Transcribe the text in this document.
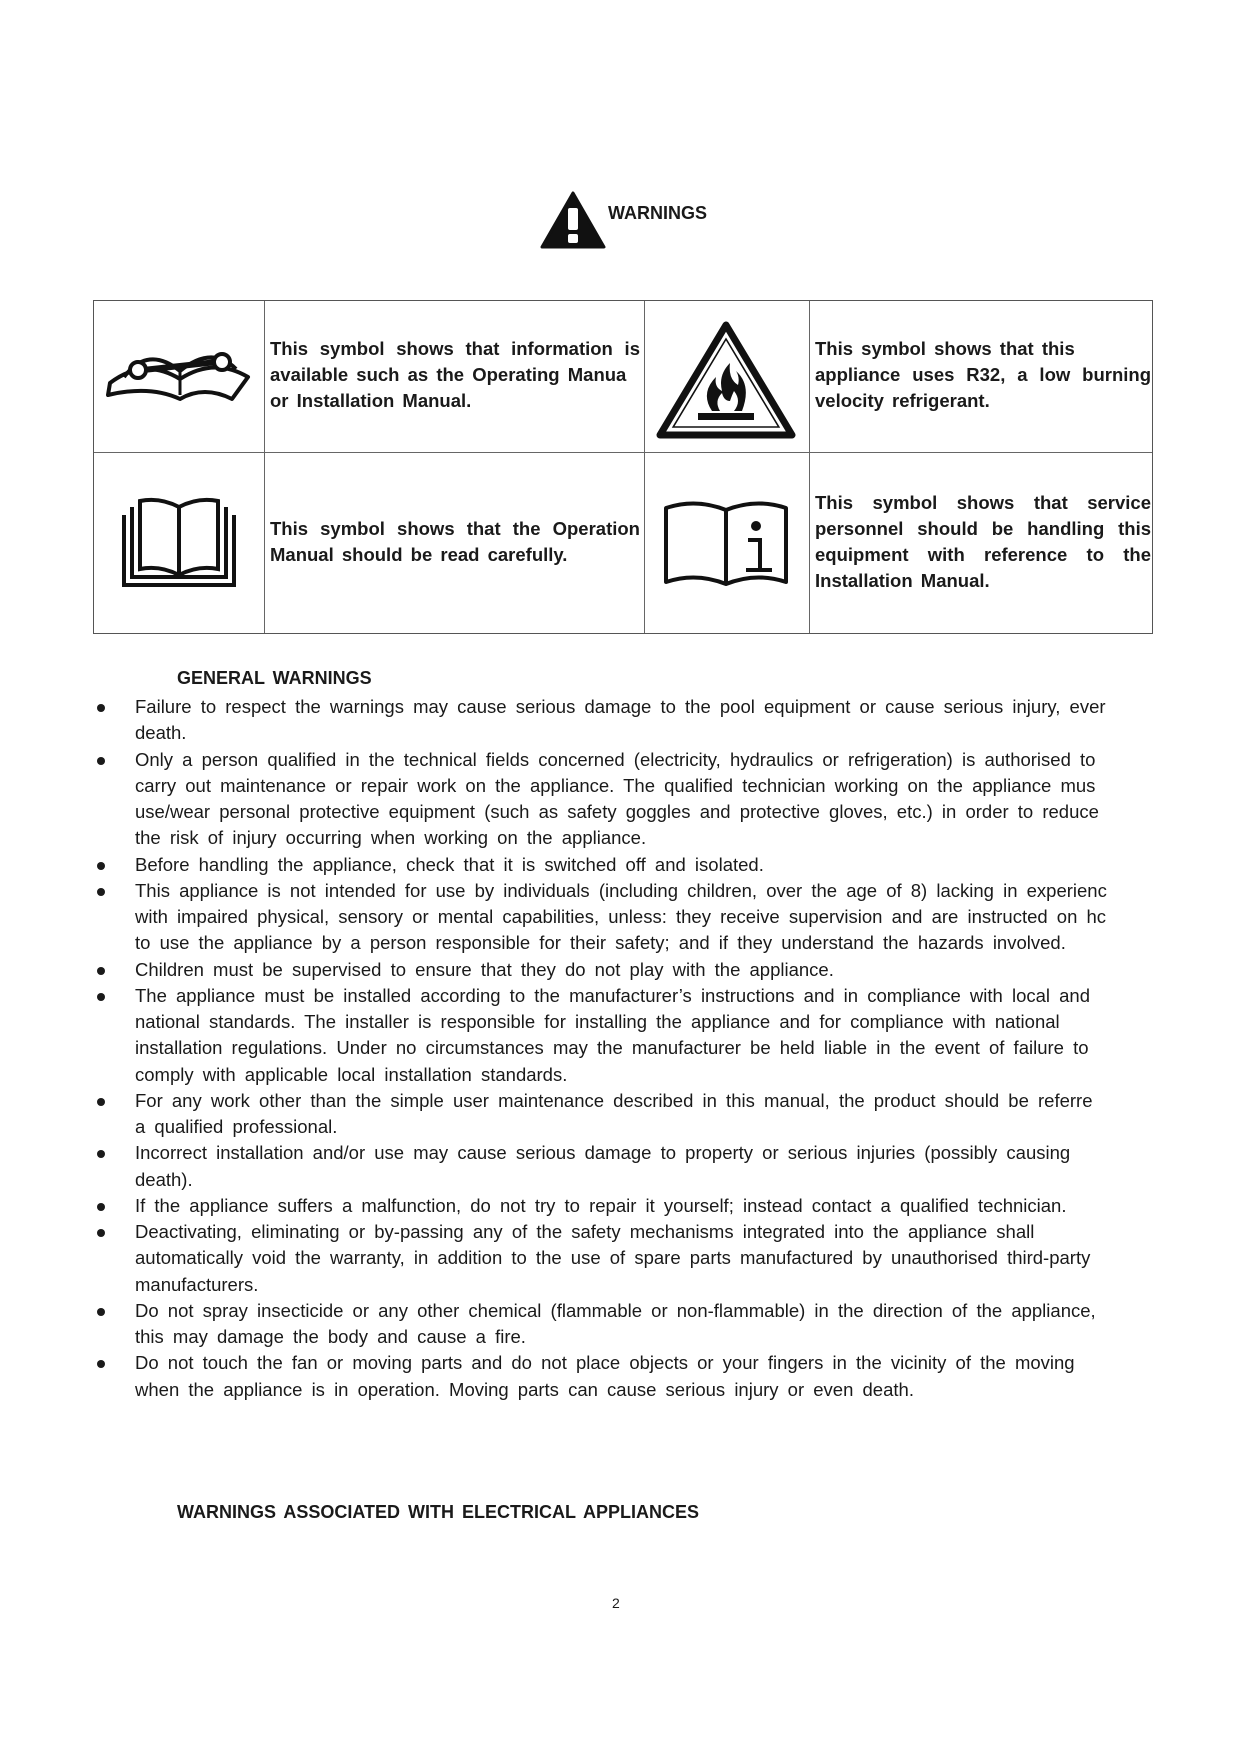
WARNINGS
This symbol shows that information is
available such as the Operating Manua
or Installation Manual.
This symbol shows that this
appliance uses R32, a low burning
velocity refrigerant.
This symbol shows that the Operation
Manual should be read carefully.
This symbol shows that service
personnel should be handling this
equipment with reference to the
Installation Manual.
GENERAL WARNINGS
Failure to respect the warnings may cause serious damage to the pool equipment or cause serious injury, ever
death.
Only a person qualified in the technical fields concerned (electricity, hydraulics or refrigeration) is authorised to
carry out maintenance or repair work on the appliance. The qualified technician working on the appliance mus
use/wear personal protective equipment (such as safety goggles and protective gloves, etc.) in order to reduce
the risk of injury occurring when working on the appliance.
Before handling the appliance, check that it is switched off and isolated.
This appliance is not intended for use by individuals (including children, over the age of 8) lacking in experienc
with impaired physical, sensory or mental capabilities, unless: they receive supervision and are instructed on hc
to use the appliance by a person responsible for their safety; and if they understand the hazards involved.
Children must be supervised to ensure that they do not play with the appliance.
The appliance must be installed according to the manufacturer’s instructions and in compliance with local and
national standards. The installer is responsible for installing the appliance and for compliance with national
installation regulations. Under no circumstances may the manufacturer be held liable in the event of failure to
comply with applicable local installation standards.
For any work other than the simple user maintenance described in this manual, the product should be referre
a qualified professional.
Incorrect installation and/or use may cause serious damage to property or serious injuries (possibly causing
death).
If the appliance suffers a malfunction, do not try to repair it yourself; instead contact a qualified technician.
Deactivating, eliminating or by-passing any of the safety mechanisms integrated into the appliance shall
automatically void the warranty, in addition to the use of spare parts manufactured by unauthorised third-party
manufacturers.
Do not spray insecticide or any other chemical (flammable or non-flammable) in the direction of the appliance,
this may damage the body and cause a fire.
Do not touch the fan or moving parts and do not place objects or your fingers in the vicinity of the moving
when the appliance is in operation. Moving parts can cause serious injury or even death.
WARNINGS ASSOCIATED WITH ELECTRICAL APPLIANCES
2
